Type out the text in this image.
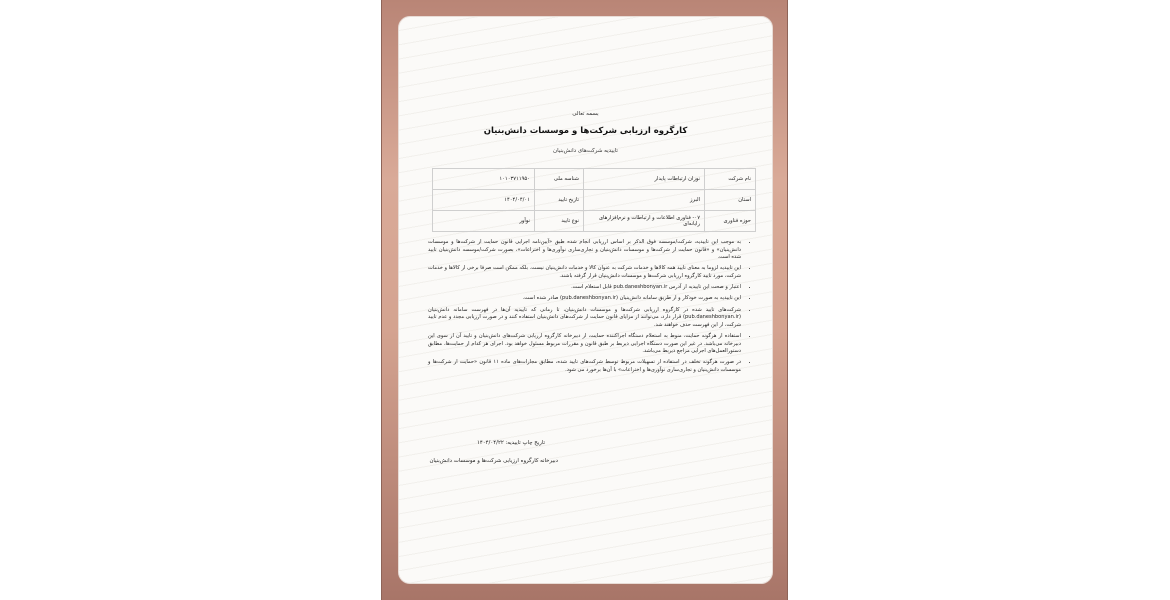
بسمه تعالی
کارگروه ارزیابی شرکت‌ها و موسسات دانش‌بنیان
تاییدیه شرکت‌های دانش‌بنیان
نام شرکت	نوران ارتباطات پایدار	شناسه ملی	۱۰۱۰۳۷۱۱۹۵۰
استان	البرز	تاریخ تایید	۱۴۰۴/۰۴/۰۱
حوزه فناوری	۰۷- فناوری اطلاعات و ارتباطات و نرم‌افزارهای رایانه‌ای	نوع تایید	نوآور
• به موجب این تاییدیه، شرکت/موسسه فوق الذکر بر اساس ارزیابی انجام شده طبق «آیین‌نامه اجرایی قانون حمایت از شرکت‌ها و موسسات دانش‌بنیان» و «قانون حمایت از شرکت‌ها و موسسات دانش‌بنیان و تجاری‌سازی نوآوری‌ها و اختراعات»، بصورت شرکت/موسسه دانش‌بنیان تایید شده است.
• این تاییدیه لزوما به معنای تایید همه کالاها و خدمات شرکت به عنوان کالا و خدمات دانش‌بنیان نیست. بلکه ممکن است صرفا برخی از کالاها و خدمات شرکت، مورد تایید کارگروه ارزیابی شرکت‌ها و موسسات دانش‌بنیان قرار گرفته باشند.
• اعتبار و صحت این تاییدیه از آدرس pub.daneshbonyan.ir قابل استعلام است.
• این تاییدیه به صورت خودکار و از طریق سامانه دانش‌بنیان (pub.daneshbonyan.ir) صادر شده است.
• شرکت‌های تایید شده در کارگروه ارزیابی شرکت‌ها و موسسات دانش‌بنیان، تا زمانی که تاییدیه آن‌ها در فهرست سامانه دانش‌بنیان (pub.daneshbonyan.ir) قرار دارد، می‌توانند از مزایای قانون حمایت از شرکت‌های دانش‌بنیان استفاده کنند و در صورت ارزیابی مجدد و عدم تایید شرکت، از این فهرست حذف خواهند شد.
• استفاده از هرگونه حمایت، منوط به استعلام دستگاه اجراکننده حمایت، از دبیرخانه کارگروه ارزیابی شرکت‌های دانش‌بنیان و تایید آن از سوی این دبیرخانه می‌باشد. در غیر این صورت دستگاه اجرایی ذیربط بر طبق قانون و مقررات مربوط مسئول خواهد بود. اجرای هر کدام از حمایت‌ها، مطابق دستورالعمل‌های اجرایی مراجع ذیربط می‌باشد.
• در صورت هرگونه تخلف در استفاده از تسهیلات مربوط توسط شرکت‌های تایید شده، مطابق مجازات‌های ماده ۱۱ قانون «حمایت از شرکت‌ها و موسسات دانش‌بنیان و تجاری‌سازی نوآوری‌ها و اختراعات» با آن‌ها برخورد می شود.
تاریخ چاپ تاییدیه: ۱۴۰۴/۰۴/۲۲
دبیرخانه کارگروه ارزیابی شرکت‌ها و موسسات دانش‌بنیان
